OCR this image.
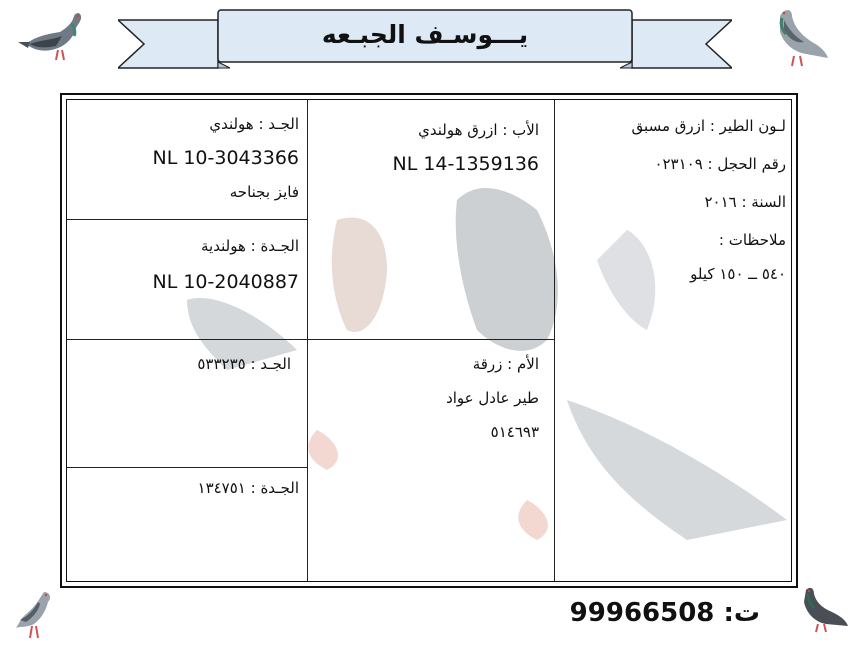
يـــوسـف الجبـعه
الجـد : هولندي
NL 10-3043366
فايز بجناحه
الجـدة : هولندية
NL 10-2040887
الجـد : ٥٣٣٢٣٥
الجـدة : ١٣٤٧٥١
الأب : ازرق هولندي
NL 14-1359136
الأم : زرقة
طير عادل عواد
٥١٤٦٩٣
لـون الطير : ازرق مسبق
رقم الحجل : ٠٢٣١٠٩
السنة : ٢٠١٦
ملاحظات :
٥٤٠ ــ ١٥٠ كيلو
ت: 99966508
